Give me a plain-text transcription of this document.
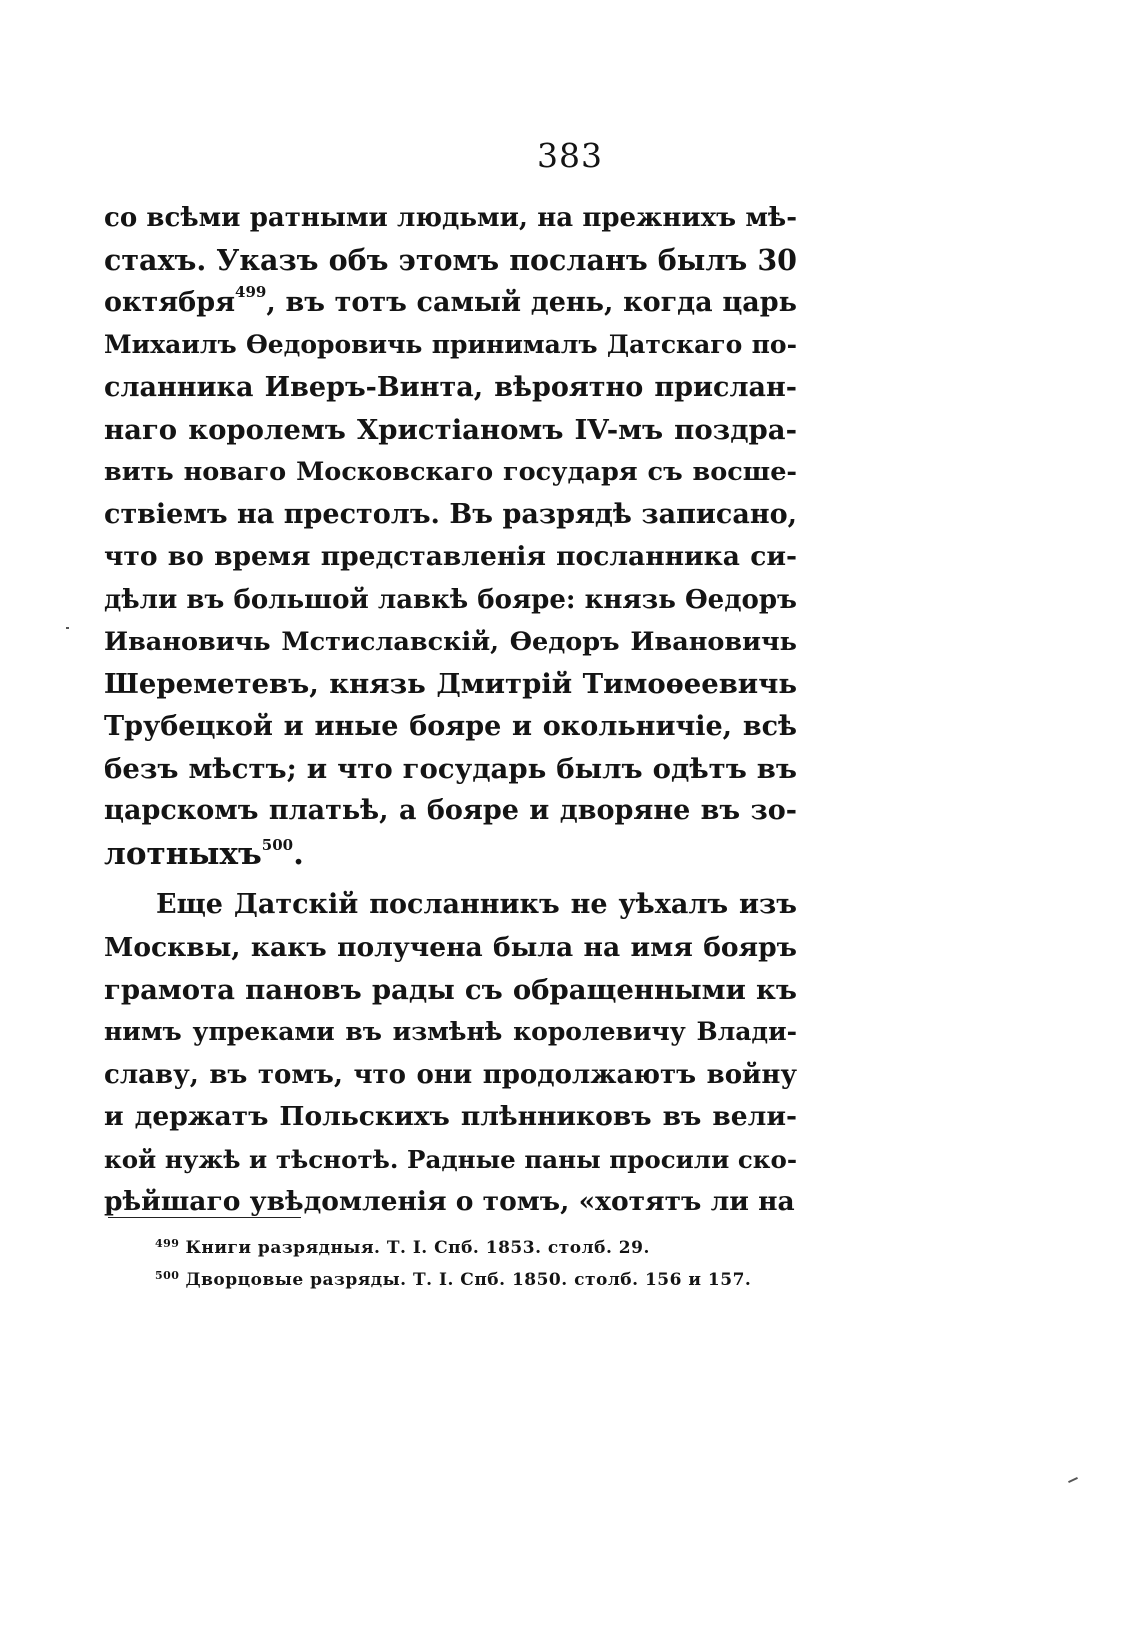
383
со всѣми ратными людьми, на прежнихъ мѣ-
стахъ. Указъ объ этомъ посланъ былъ 30
октября$^{499}$, въ тотъ самый день, когда царь
Михаилъ Ѳедоровичь принималъ Датскаго по-
сланника Иверъ-Винта, вѣроятно прислан-
наго королемъ Христіаномъ IV-мъ поздра-
вить новаго Московскаго государя съ восше-
ствіемъ на престолъ. Въ разрядѣ записано,
что во время представленія посланника си-
дѣли въ большой лавкѣ бояре: князь Ѳедоръ
Ивановичь Мстиславскій, Ѳедоръ Ивановичь
Шереметевъ, князь Дмитрій Тимоѳеевичь
Трубецкой и иные бояре и окольничіе, всѣ
безъ мѣстъ; и что государь былъ одѣтъ въ
царскомъ платьѣ, а бояре и дворяне въ зо-
лотныхъ$^{500}$.
Еще Датскій посланникъ не уѣхалъ изъ
Москвы, какъ получена была на имя бояръ
грамота пановъ рады съ обращенными къ
нимъ упреками въ измѣнѣ королевичу Влади-
славу, въ томъ, что они продолжаютъ войну
и держатъ Польскихъ плѣнниковъ въ вели-
кой нужѣ и тѣснотѣ. Радные паны просили ско-
рѣйшаго увѣдомленія о томъ, «хотятъ ли на
$^{499}$ Книги разрядныя. Т. I. Спб. 1853. столб. 29.
$^{500}$ Дворцовые разряды. Т. I. Спб. 1850. столб. 156 и 157.
